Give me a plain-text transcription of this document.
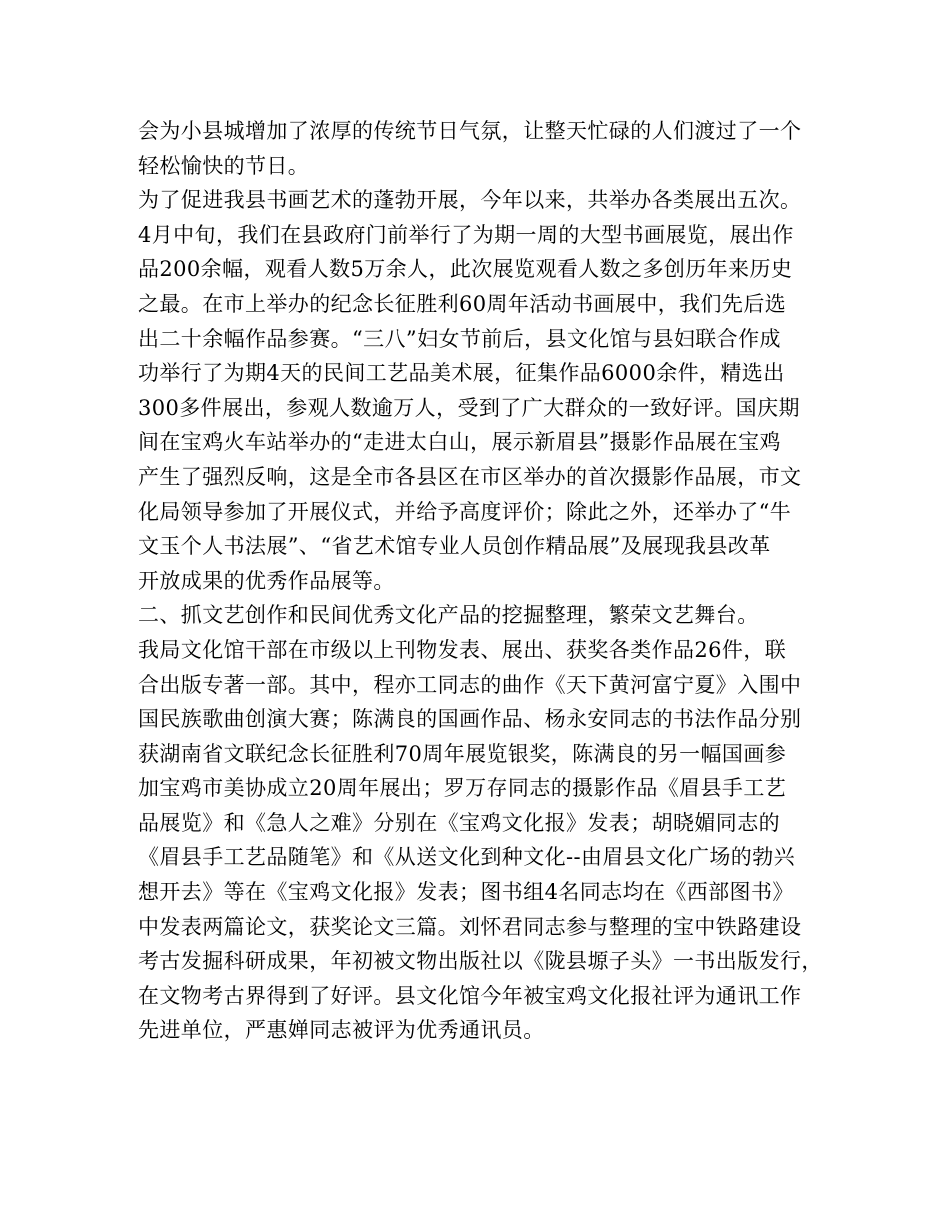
会为小县城增加了浓厚的传统节日气氛，让整天忙碌的人们渡过了一个
轻松愉快的节日。
为了促进我县书画艺术的蓬勃开展，今年以来，共举办各类展出五次。
4月中旬，我们在县政府门前举行了为期一周的大型书画展览，展出作
品200余幅，观看人数5万余人，此次展览观看人数之多创历年来历史
之最。在市上举办的纪念长征胜利60周年活动书画展中，我们先后选
出二十余幅作品参赛。“三八”妇女节前后，县文化馆与县妇联合作成
功举行了为期4天的民间工艺品美术展，征集作品6000余件，精选出
300多件展出，参观人数逾万人，受到了广大群众的一致好评。国庆期
间在宝鸡火车站举办的“走进太白山，展示新眉县”摄影作品展在宝鸡
产生了强烈反响，这是全市各县区在市区举办的首次摄影作品展，市文
化局领导参加了开展仪式，并给予高度评价；除此之外，还举办了“牛
文玉个人书法展”、“省艺术馆专业人员创作精品展”及展现我县改革
开放成果的优秀作品展等。
二、抓文艺创作和民间优秀文化产品的挖掘整理，繁荣文艺舞台。
我局文化馆干部在市级以上刊物发表、展出、获奖各类作品26件，联
合出版专著一部。其中，程亦工同志的曲作《天下黄河富宁夏》入围中
国民族歌曲创演大赛；陈满良的国画作品、杨永安同志的书法作品分别
获湖南省文联纪念长征胜利70周年展览银奖，陈满良的另一幅国画参
加宝鸡市美协成立20周年展出；罗万存同志的摄影作品《眉县手工艺
品展览》和《急人之难》分别在《宝鸡文化报》发表；胡晓媚同志的
《眉县手工艺品随笔》和《从送文化到种文化--由眉县文化广场的勃兴
想开去》等在《宝鸡文化报》发表；图书组4名同志均在《西部图书》
中发表两篇论文，获奖论文三篇。刘怀君同志参与整理的宝中铁路建设
考古发掘科研成果，年初被文物出版社以《陇县塬子头》一书出版发行，
在文物考古界得到了好评。县文化馆今年被宝鸡文化报社评为通讯工作
先进单位，严惠婵同志被评为优秀通讯员。
